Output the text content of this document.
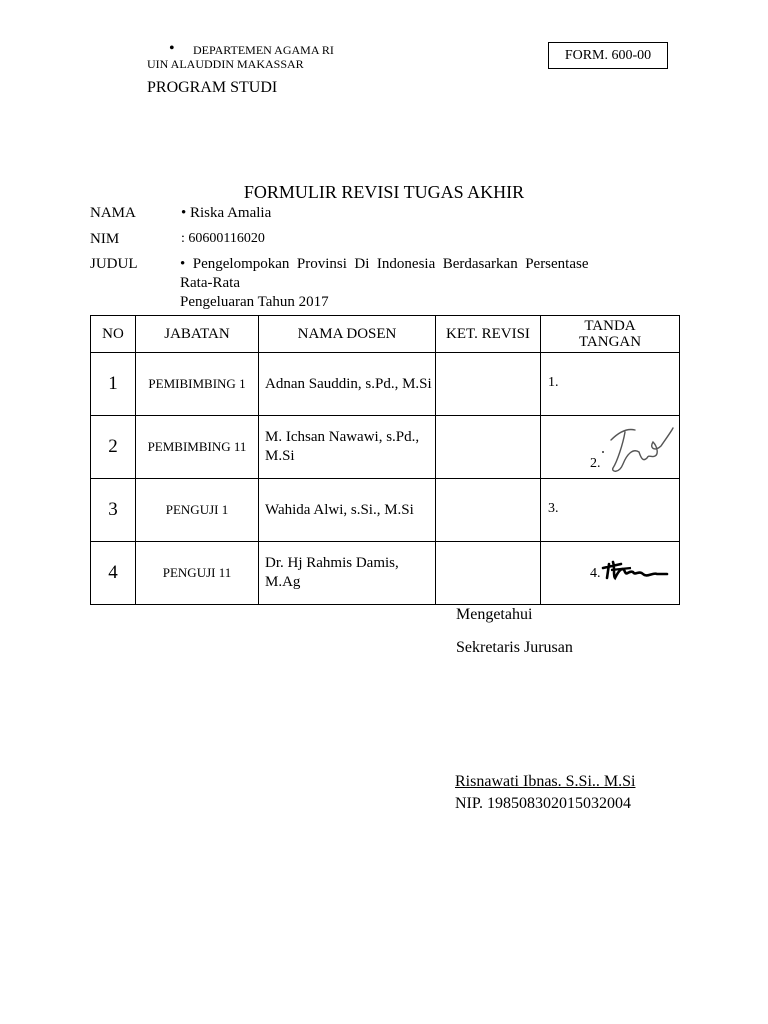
• DEPARTEMEN AGAMA RI
UIN ALAUDDIN MAKASSAR
PROGRAM STUDI
FORM. 600-00
FORMULIR REVISI TUGAS AKHIR
NAMA	• Riska Amalia
NIM	: 60600116020
JUDUL	•  Pengelompokan  Provinsi  Di  Indonesia  Berdasarkan  Persentase
Rata-Rata
Pengeluaran Tahun 2017
NO	JABATAN	NAMA DOSEN	KET. REVISI	TANDA
TANGAN

1	PEMIBIMBING 1	Adnan Sauddin, s.Pd., M.Si		1.

2	PEMBIMBING 11	M. Ichsan Nawawi, s.Pd., M.Si		2.

3	PENGUJI 1	Wahida Alwi, s.Si., M.Si		3.

4	PENGUJI 11	Dr. Hj Rahmis Damis, M.Ag		4.
Mengetahui
Sekretaris Jurusan
Risnawati Ibnas. S.Si.. M.Si
NIP. 198508302015032004
